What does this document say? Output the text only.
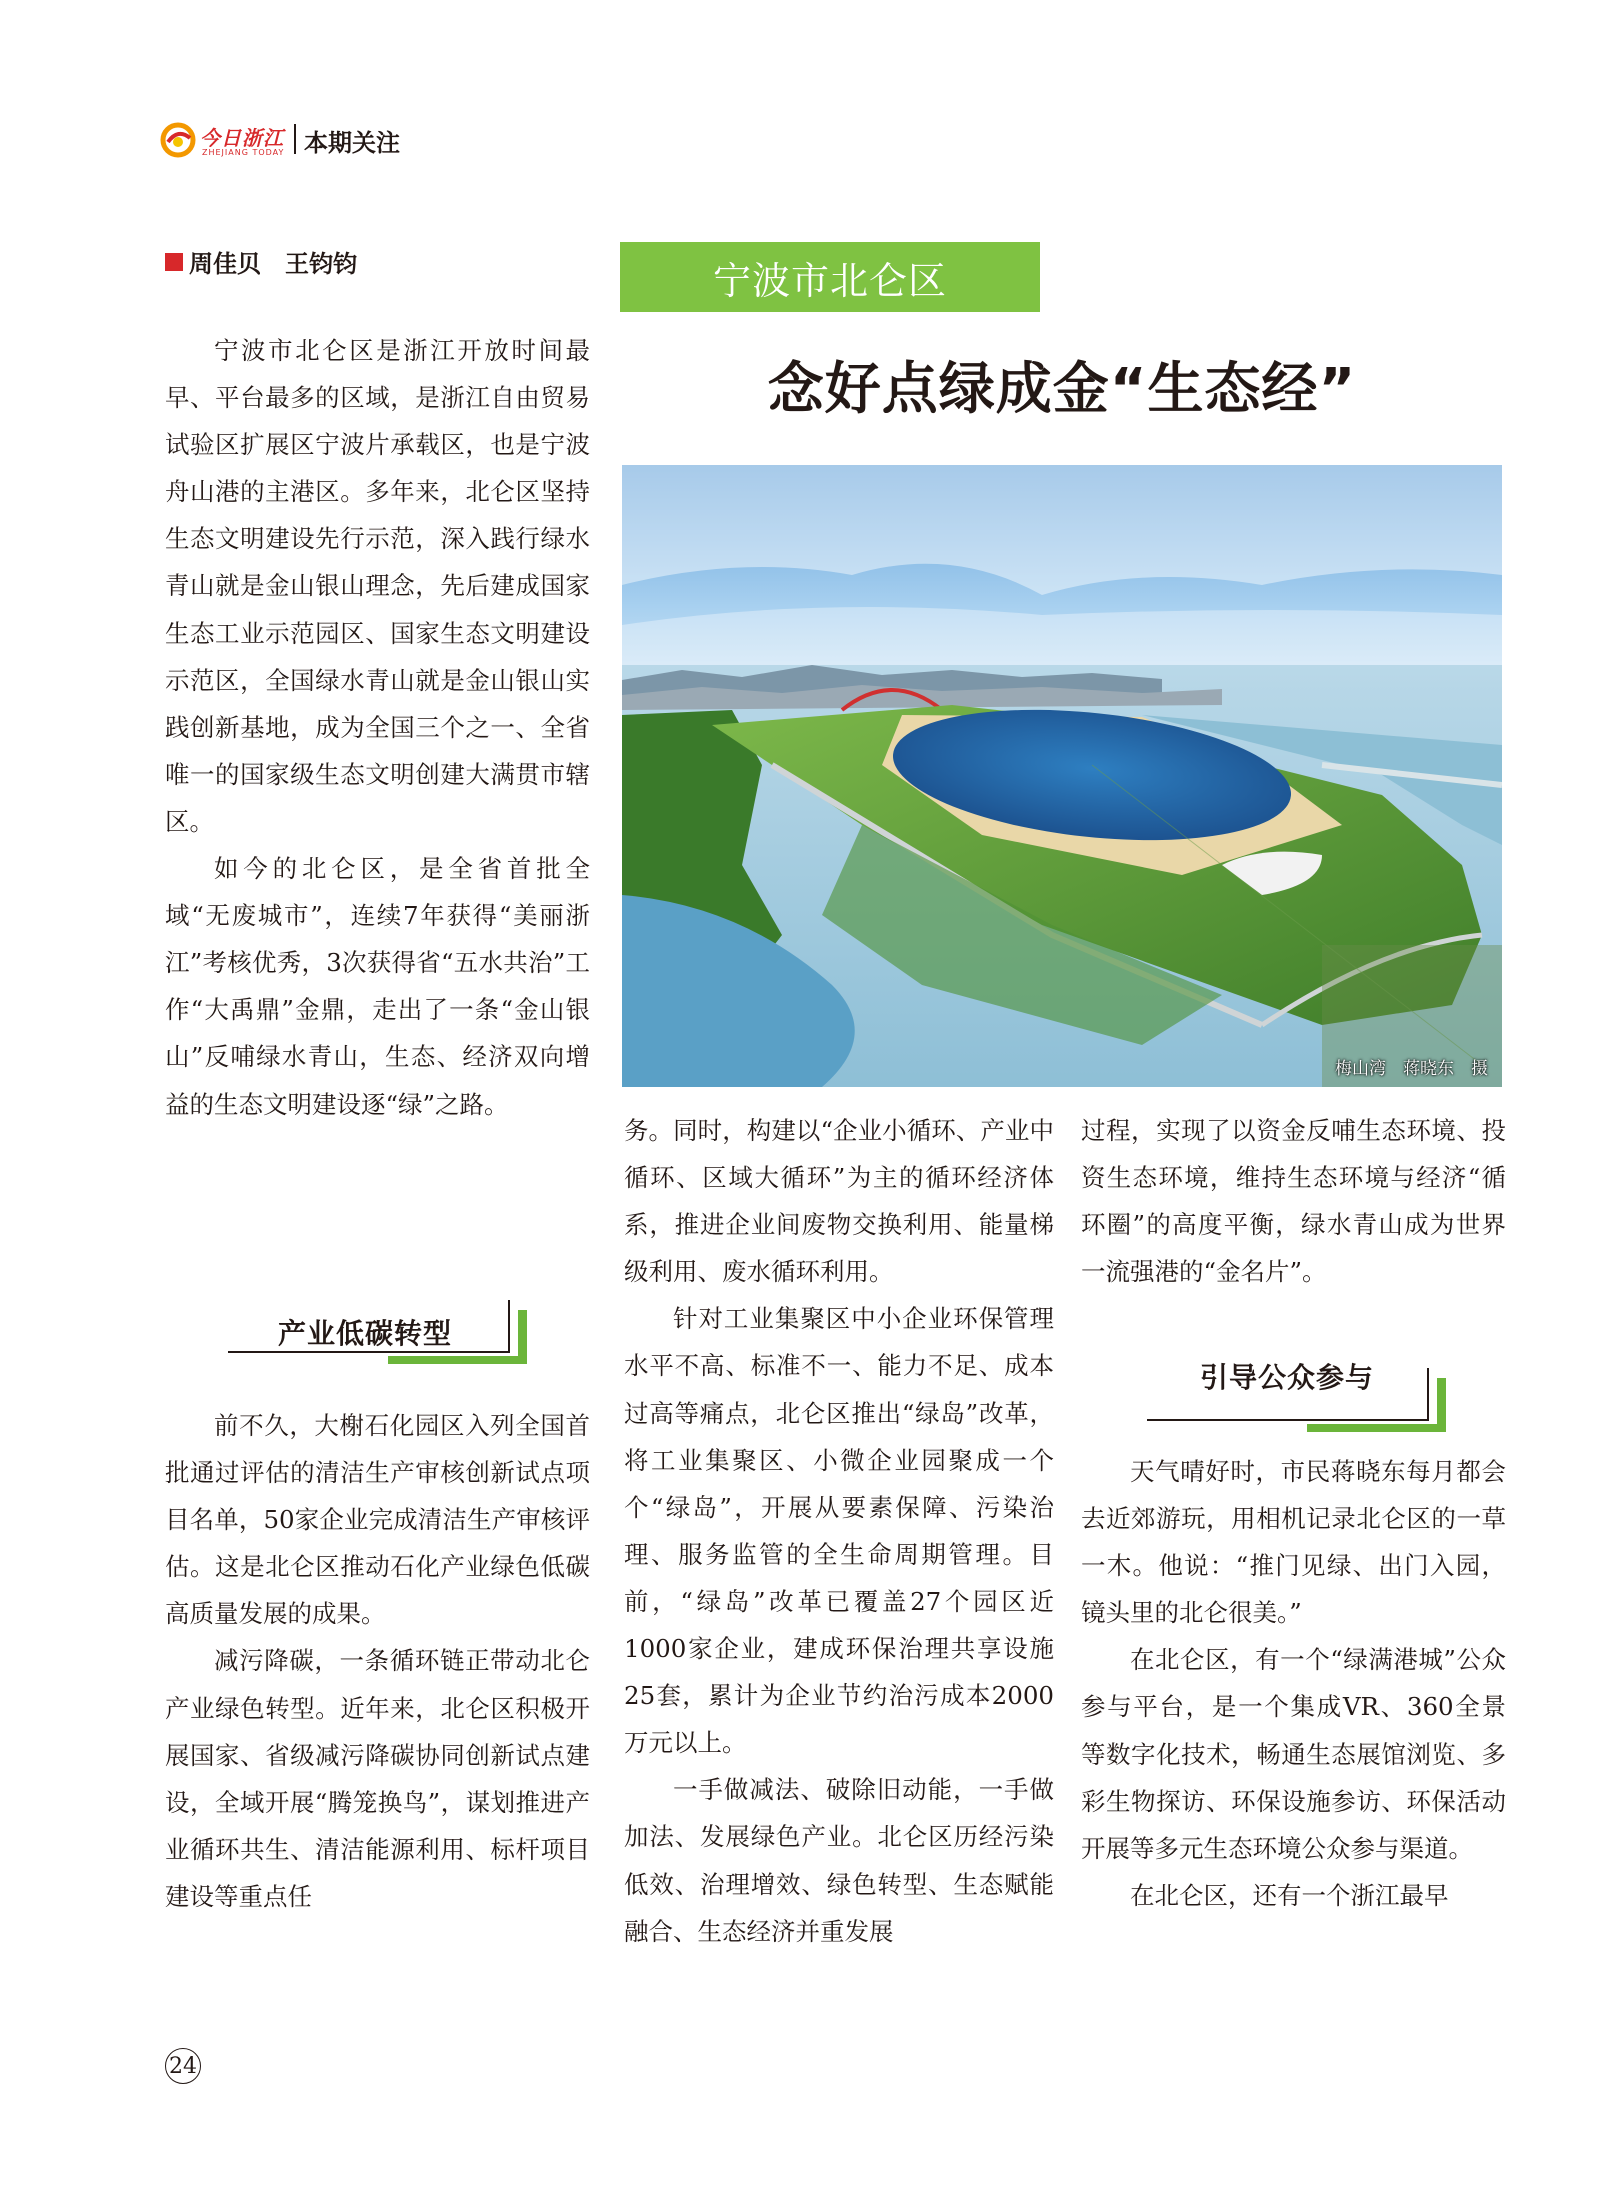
今日浙江
ZHEJIANG TODAY 本期关注
周佳贝　王钧钧	宁波市北仑区
念好点绿成金“生态经”
梅山湾　蒋晓东　摄

宁波市北仑区是浙江开放时间最早、平台最多的区域，是浙江自由贸易试验区扩展区宁波片承载区，也是宁波舟山港的主港区。多年来，北仑区坚持生态文明建设先行示范，深入践行绿水青山就是金山银山理念，先后建成国家生态工业示范园区、国家生态文明建设示范区，全国绿水青山就是金山银山实践创新基地，成为全国三个之一、全省唯一的国家级生态文明创建大满贯市辖区。

如今的北仑区，是全省首批全域“无废城市”，连续7年获得“美丽浙江”考核优秀，3次获得省“五水共治”工作“大禹鼎”金鼎，走出了一条“金山银山”反哺绿水青山，生态、经济双向增益的生态文明建设逐“绿”之路。

产业低碳转型

前不久，大榭石化园区入列全国首批通过评估的清洁生产审核创新试点项目名单，50家企业完成清洁生产审核评估。这是北仑区推动石化产业绿色低碳高质量发展的成果。

减污降碳，一条循环链正带动北仑产业绿色转型。近年来，北仑区积极开展国家、省级减污降碳协同创新试点建设，全域开展“腾笼换鸟”，谋划推进产业循环共生、清洁能源利用、标杆项目建设等重点任

务。同时，构建以“企业小循环、产业中循环、区域大循环”为主的循环经济体系，推进企业间废物交换利用、能量梯级利用、废水循环利用。

针对工业集聚区中小企业环保管理水平不高、标准不一、能力不足、成本过高等痛点，北仑区推出“绿岛”改革，将工业集聚区、小微企业园聚成一个个“绿岛”，开展从要素保障、污染治理、服务监管的全生命周期管理。目前，“绿岛”改革已覆盖27个园区近1000家企业，建成环保治理共享设施25套，累计为企业节约治污成本2000万元以上。

一手做减法、破除旧动能，一手做加法、发展绿色产业。北仑区历经污染低效、治理增效、绿色转型、生态赋能融合、生态经济并重发展

过程，实现了以资金反哺生态环境、投资生态环境，维持生态环境与经济“循环圈”的高度平衡，绿水青山成为世界一流强港的“金名片”。

引导公众参与

天气晴好时，市民蒋晓东每月都会去近郊游玩，用相机记录北仑区的一草一木。他说：“推门见绿、出门入园，镜头里的北仑很美。”

在北仑区，有一个“绿满港城”公众参与平台，是一个集成VR、360全景等数字化技术，畅通生态展馆浏览、多彩生物探访、环保设施参访、环保活动开展等多元生态环境公众参与渠道。

在北仑区，还有一个浙江最早

24
